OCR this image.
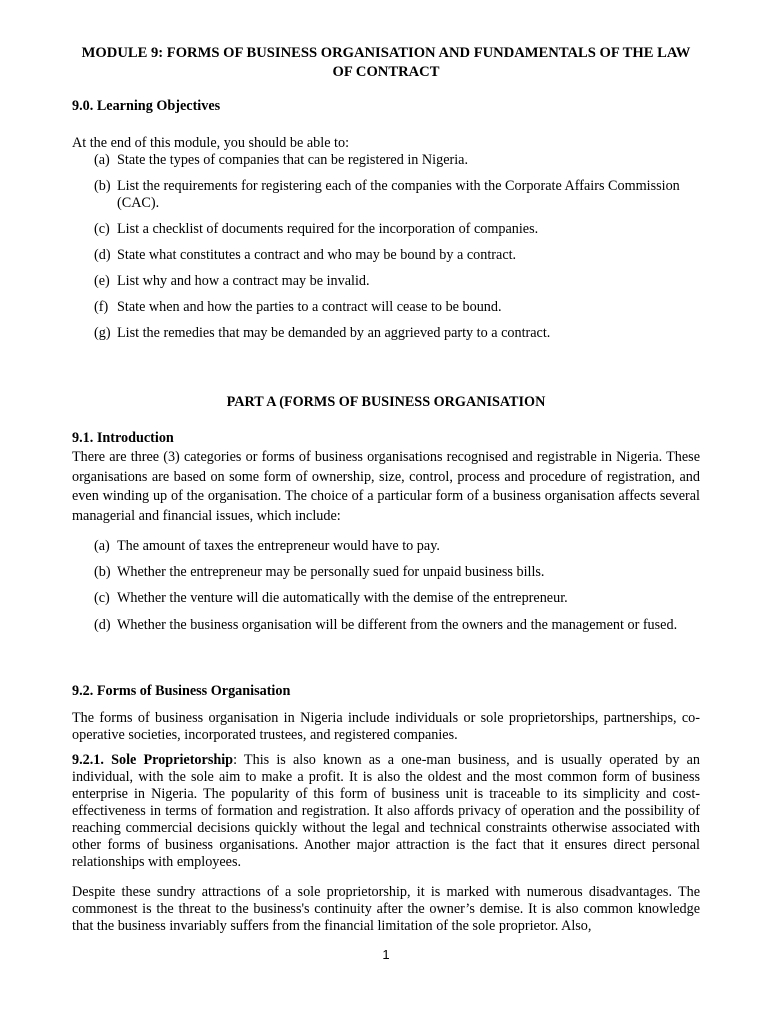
MODULE 9: FORMS OF BUSINESS ORGANISATION AND FUNDAMENTALS OF THE LAW OF CONTRACT
9.0. Learning Objectives
At the end of this module, you should be able to:
(a) State the types of companies that can be registered in Nigeria.
(b) List the requirements for registering each of the companies with the Corporate Affairs Commission (CAC).
(c) List a checklist of documents required for the incorporation of companies.
(d) State what constitutes a contract and who may be bound by a contract.
(e) List why and how a contract may be invalid.
(f) State when and how the parties to a contract will cease to be bound.
(g) List the remedies that may be demanded by an aggrieved party to a contract.
PART A (FORMS OF BUSINESS ORGANISATION
9.1. Introduction
There are three (3) categories or forms of business organisations recognised and registrable in Nigeria. These organisations are based on some form of ownership, size, control, process and procedure of registration, and even winding up of the organisation. The choice of a particular form of a business organisation affects several managerial and financial issues, which include:
(a) The amount of taxes the entrepreneur would have to pay.
(b) Whether the entrepreneur may be personally sued for unpaid business bills.
(c) Whether the venture will die automatically with the demise of the entrepreneur.
(d) Whether the business organisation will be different from the owners and the management or fused.
9.2. Forms of Business Organisation
The forms of business organisation in Nigeria include individuals or sole proprietorships, partnerships, co-operative societies, incorporated trustees, and registered companies.
9.2.1. Sole Proprietorship: This is also known as a one-man business, and is usually operated by an individual, with the sole aim to make a profit. It is also the oldest and the most common form of business enterprise in Nigeria. The popularity of this form of business unit is traceable to its simplicity and cost-effectiveness in terms of formation and registration. It also affords privacy of operation and the possibility of reaching commercial decisions quickly without the legal and technical constraints otherwise associated with other forms of business organisations. Another major attraction is the fact that it ensures direct personal relationships with employees.
Despite these sundry attractions of a sole proprietorship, it is marked with numerous disadvantages. The commonest is the threat to the business's continuity after the owner’s demise. It is also common knowledge that the business invariably suffers from the financial limitation of the sole proprietor. Also,
1
